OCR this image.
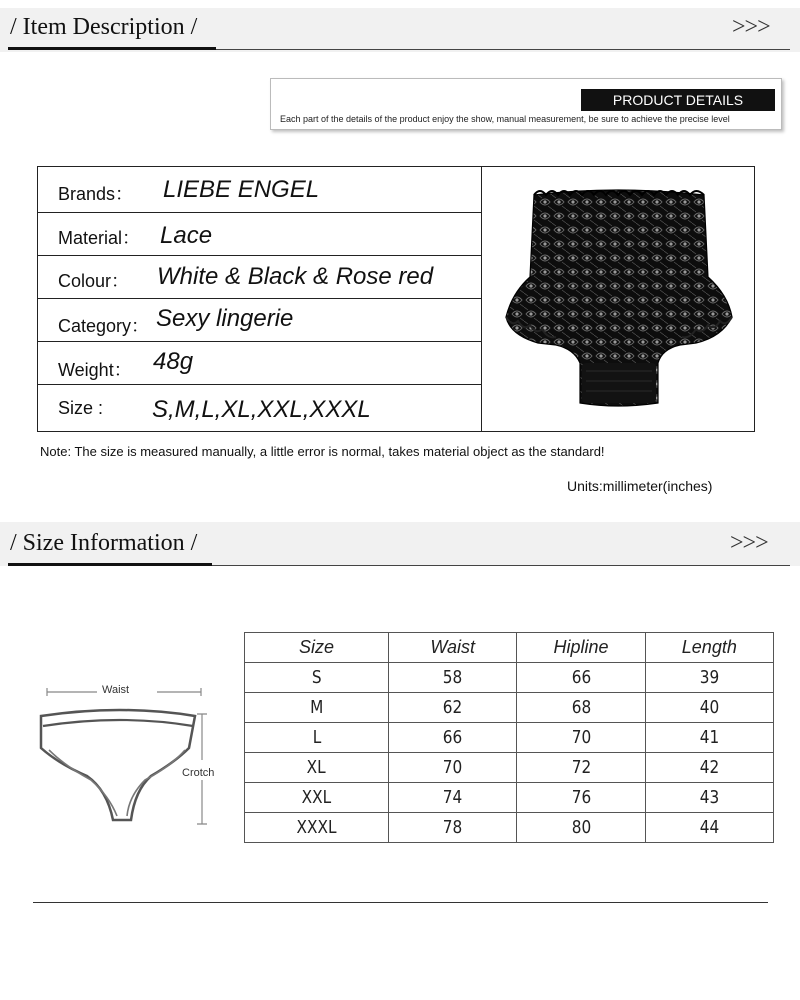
/ Item Description /	>>>
PRODUCT DETAILS
Each part of the details of the product enjoy the show, manual measurement, be sure to achieve the precise level
Brands： LIEBE ENGEL
Material： Lace
Colour： White & Black & Rose red
Category： Sexy lingerie
Weight： 48g
Size : S,M,L,XL,XXL,XXXL
Note: The size is measured manually, a little error is normal, takes material object as the standard!
Units:millimeter(inches)
/ Size Information /	>>>
Waist
Crotch
Size	Waist	Hipline	Length
S	58	66	39
M	62	68	40
L	66	70	41
XL	70	72	42
XXL	74	76	43
XXXL	78	80	44
